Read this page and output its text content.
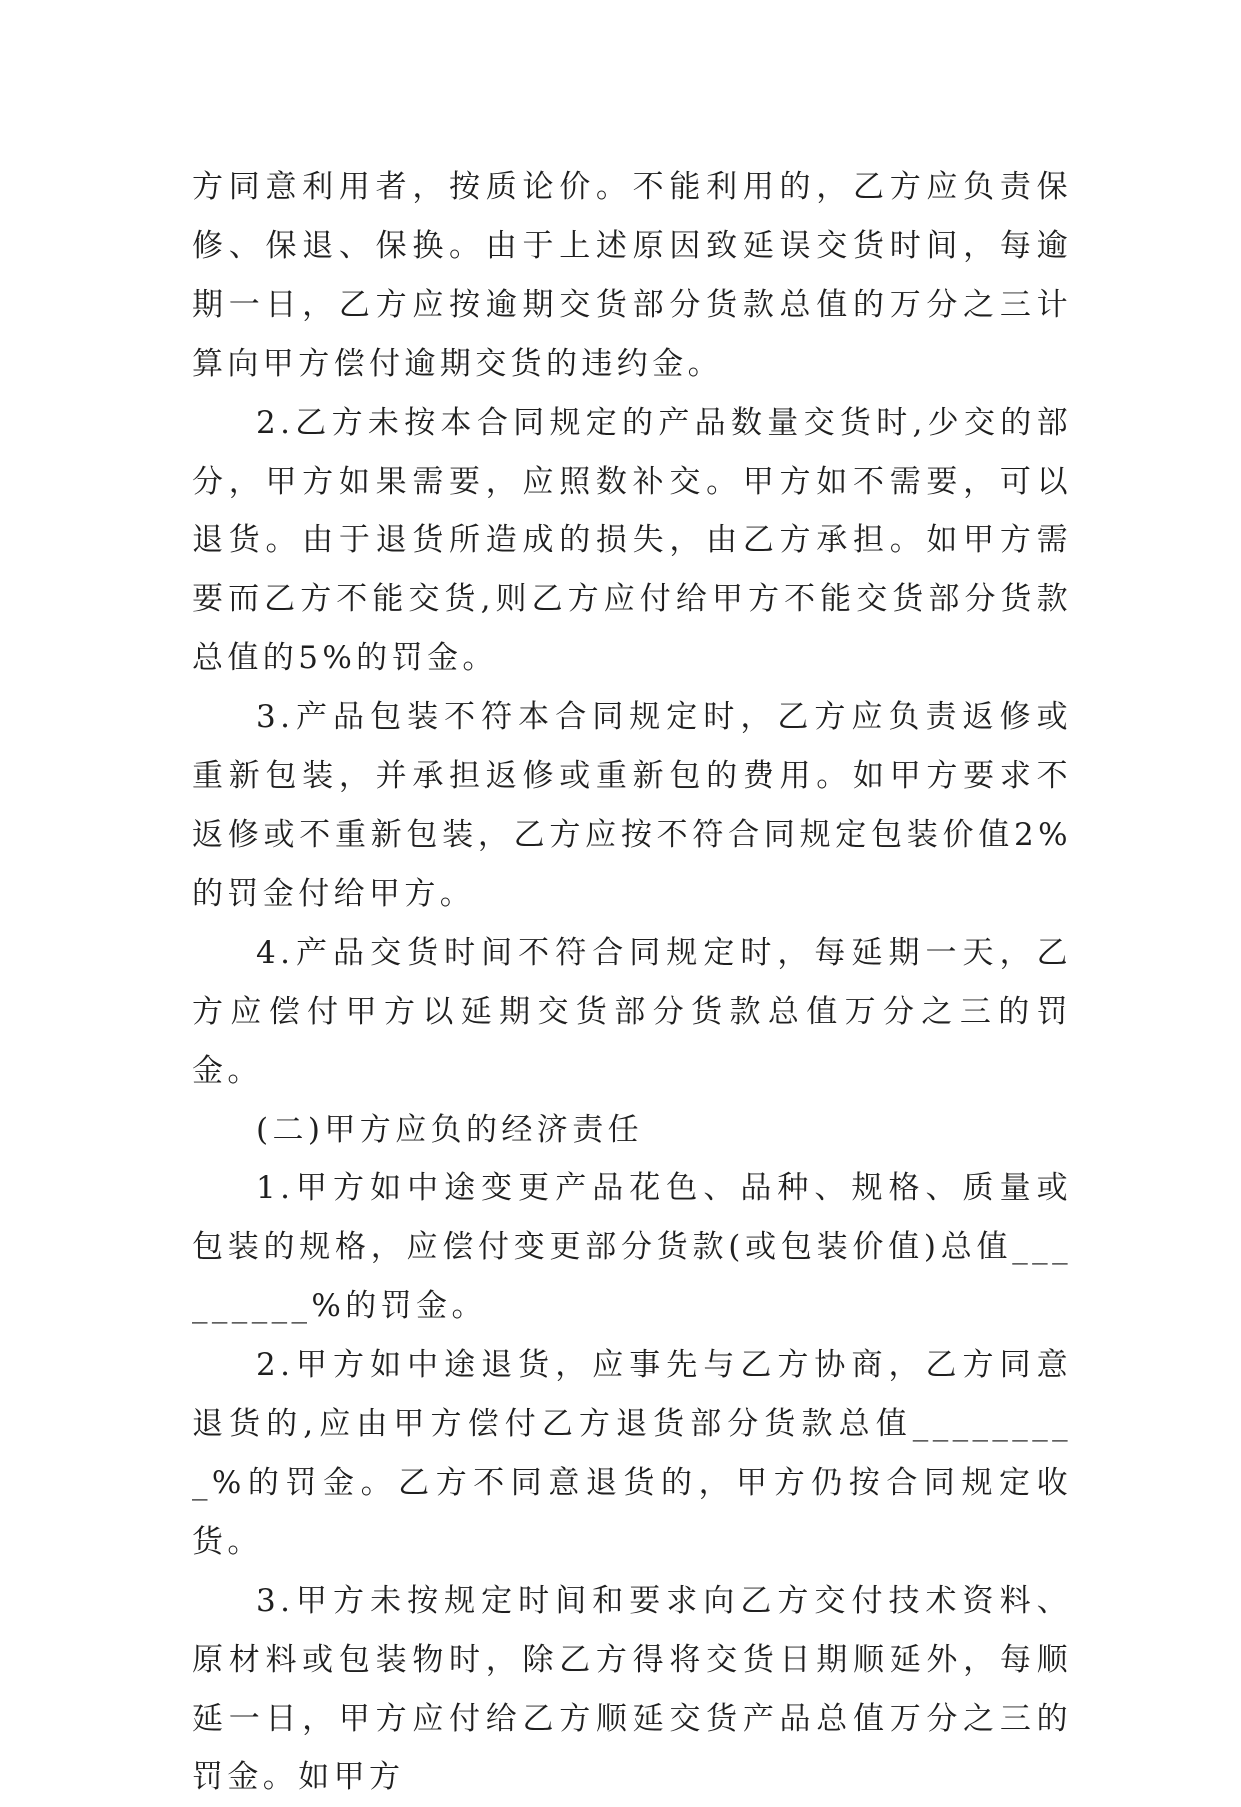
方同意利用者，按质论价。不能利用的，乙方应负责保修、保退、保换。由于上述原因致延误交货时间，每逾期一日，乙方应按逾期交货部分货款总值的万分之三计算向甲方偿付逾期交货的违约金。

2.乙方未按本合同规定的产品数量交货时,少交的部分，甲方如果需要，应照数补交。甲方如不需要，可以退货。由于退货所造成的损失，由乙方承担。如甲方需要而乙方不能交货,则乙方应付给甲方不能交货部分货款总值的5%的罚金。

3.产品包装不符本合同规定时，乙方应负责返修或重新包装，并承担返修或重新包的费用。如甲方要求不返修或不重新包装，乙方应按不符合同规定包装价值2%的罚金付给甲方。

4.产品交货时间不符合同规定时，每延期一天，乙方应偿付甲方以延期交货部分货款总值万分之三的罚金。

(二)甲方应负的经济责任

1.甲方如中途变更产品花色、品种、规格、质量或包装的规格，应偿付变更部分货款(或包装价值)总值_________%的罚金。

2.甲方如中途退货，应事先与乙方协商，乙方同意退货的,应由甲方偿付乙方退货部分货款总值_________%的罚金。乙方不同意退货的，甲方仍按合同规定收货。

3.甲方未按规定时间和要求向乙方交付技术资料、原材料或包装物时，除乙方得将交货日期顺延外，每顺延一日，甲方应付给乙方顺延交货产品总值万分之三的罚金。如甲方
